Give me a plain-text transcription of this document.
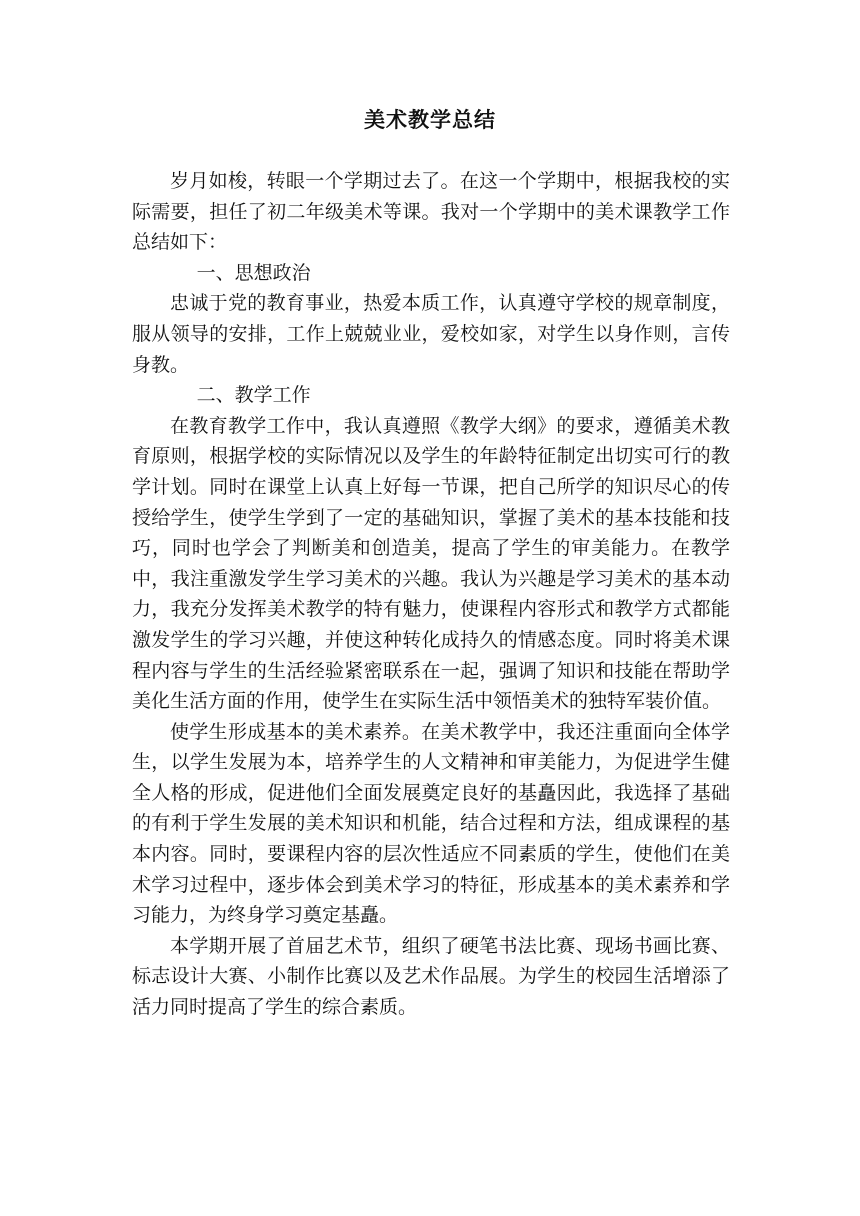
美术教学总结

岁月如梭，转眼一个学期过去了。在这一个学期中，根据我校的实际需要，担任了初二年级美术等课。我对一个学期中的美术课教学工作总结如下：

一、思想政治

忠诚于党的教育事业，热爱本质工作，认真遵守学校的规章制度，服从领导的安排，工作上兢兢业业，爱校如家，对学生以身作则，言传身教。

二、教学工作

在教育教学工作中，我认真遵照《教学大纲》的要求，遵循美术教育原则，根据学校的实际情况以及学生的年龄特征制定出切实可行的教学计划。同时在课堂上认真上好每一节课，把自己所学的知识尽心的传授给学生，使学生学到了一定的基础知识，掌握了美术的基本技能和技巧，同时也学会了判断美和创造美，提高了学生的审美能力。在教学中，我注重激发学生学习美术的兴趣。我认为兴趣是学习美术的基本动力，我充分发挥美术教学的特有魅力，使课程内容形式和教学方式都能激发学生的学习兴趣，并使这种转化成持久的情感态度。同时将美术课程内容与学生的生活经验紧密联系在一起，强调了知识和技能在帮助学美化生活方面的作用，使学生在实际生活中领悟美术的独特军装价值。

使学生形成基本的美术素养。在美术教学中，我还注重面向全体学生，以学生发展为本，培养学生的人文精神和审美能力，为促进学生健全人格的形成，促进他们全面发展奠定良好的基矗因此，我选择了基础的有利于学生发展的美术知识和机能，结合过程和方法，组成课程的基本内容。同时，要课程内容的层次性适应不同素质的学生，使他们在美术学习过程中，逐步体会到美术学习的特征，形成基本的美术素养和学习能力，为终身学习奠定基矗。

本学期开展了首届艺术节，组织了硬笔书法比赛、现场书画比赛、标志设计大赛、小制作比赛以及艺术作品展。为学生的校园生活增添了活力同时提高了学生的综合素质。
